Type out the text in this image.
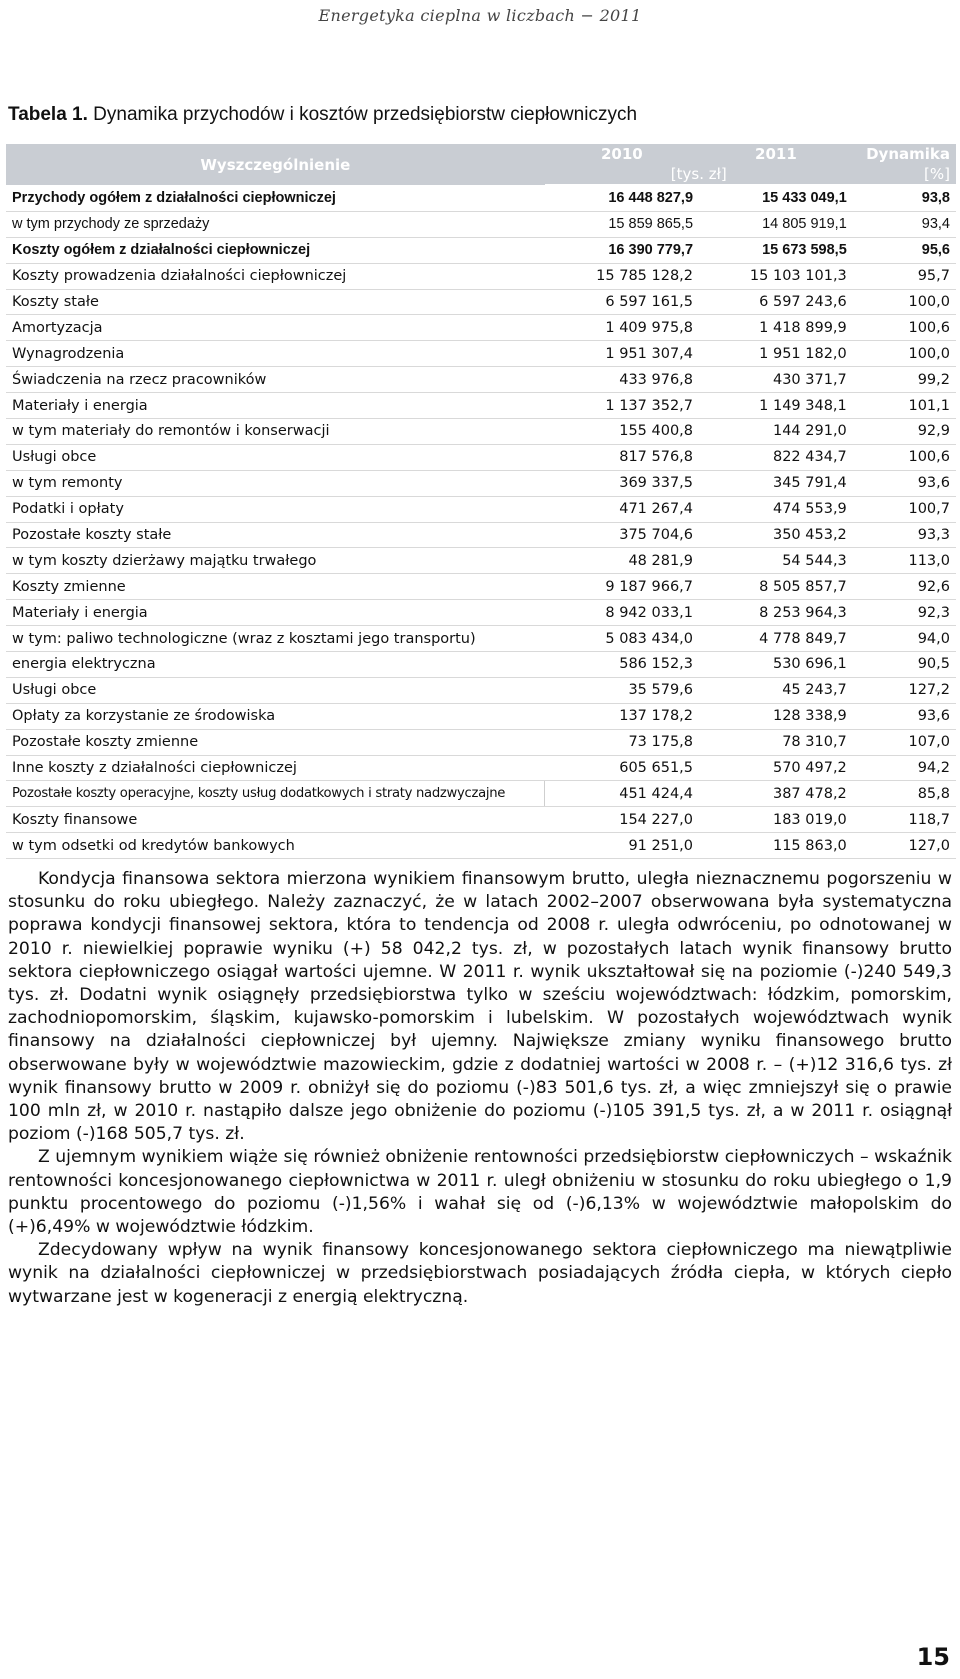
Energetyka cieplna w liczbach − 2011
Tabela 1. Dynamika przychodów i kosztów przedsiębiorstw ciepłowniczych
Wyszczególnienie	2010	2011	Dynamika
	[tys. zł]		[%]
Przychody ogółem z działalności ciepłowniczej	16 448 827,9	15 433 049,1	93,8
w tym przychody ze sprzedaży	15 859 865,5	14 805 919,1	93,4
Koszty ogółem z działalności ciepłowniczej	16 390 779,7	15 673 598,5	95,6
Koszty prowadzenia działalności ciepłowniczej	15 785 128,2	15 103 101,3	95,7
Koszty stałe	6 597 161,5	6 597 243,6	100,0
Amortyzacja	1 409 975,8	1 418 899,9	100,6
Wynagrodzenia	1 951 307,4	1 951 182,0	100,0
Świadczenia na rzecz pracowników	433 976,8	430 371,7	99,2
Materiały i energia	1 137 352,7	1 149 348,1	101,1
w tym materiały do remontów i konserwacji	155 400,8	144 291,0	92,9
Usługi obce	817 576,8	822 434,7	100,6
w tym remonty	369 337,5	345 791,4	93,6
Podatki i opłaty	471 267,4	474 553,9	100,7
Pozostałe koszty stałe	375 704,6	350 453,2	93,3
w tym koszty dzierżawy majątku trwałego	48 281,9	54 544,3	113,0
Koszty zmienne	9 187 966,7	8 505 857,7	92,6
Materiały i energia	8 942 033,1	8 253 964,3	92,3
w tym: paliwo technologiczne (wraz z kosztami jego transportu)	5 083 434,0	4 778 849,7	94,0
energia elektryczna	586 152,3	530 696,1	90,5
Usługi obce	35 579,6	45 243,7	127,2
Opłaty za korzystanie ze środowiska	137 178,2	128 338,9	93,6
Pozostałe koszty zmienne	73 175,8	78 310,7	107,0
Inne koszty z działalności ciepłowniczej	605 651,5	570 497,2	94,2
Pozostałe koszty operacyjne, koszty usług dodatkowych i straty nadzwyczajne	451 424,4	387 478,2	85,8
Koszty finansowe	154 227,0	183 019,0	118,7
w tym odsetki od kredytów bankowych	91 251,0	115 863,0	127,0

Kondycja finansowa sektora mierzona wynikiem finansowym brutto, uległa nieznacznemu pogorszeniu w stosunku do roku ubiegłego. Należy zaznaczyć, że w latach 2002–2007 obserwowana była systematyczna poprawa kondycji finansowej sektora, która to tendencja od 2008 r. uległa odwróceniu, po odnotowanej w 2010 r. niewielkiej poprawie wyniku (+) 58 042,2 tys. zł, w pozostałych latach wynik finansowy brutto sektora ciepłowniczego osiągał wartości ujemne. W 2011 r. wynik ukształtował się na poziomie (-)240 549,3 tys. zł. Dodatni wynik osiągnęły przedsiębiorstwa tylko w sześciu województwach: łódzkim, pomorskim, zachodniopomorskim, śląskim, kujawsko-pomorskim i lubelskim. W pozostałych województwach wynik finansowy na działalności ciepłowniczej był ujemny. Największe zmiany wyniku finansowego brutto obserwowane były w województwie mazowieckim, gdzie z dodatniej wartości w 2008 r. – (+)12 316,6 tys. zł wynik finansowy brutto w 2009 r. obniżył się do poziomu (-)83 501,6 tys. zł, a więc zmniejszył się o prawie 100 mln zł, w 2010 r. nastąpiło dalsze jego obniżenie do poziomu (-)105 391,5 tys. zł, a w 2011 r. osiągnął poziom (-)168 505,7 tys. zł.

Z ujemnym wynikiem wiąże się również obniżenie rentowności przedsiębiorstw ciepłowniczych – wskaźnik rentowności koncesjonowanego ciepłownictwa w 2011 r. uległ obniżeniu w stosunku do roku ubiegłego o 1,9 punktu procentowego do poziomu (-)1,56% i wahał się od (-)6,13% w województwie małopolskim do (+)6,49% w województwie łódzkim.

Zdecydowany wpływ na wynik finansowy koncesjonowanego sektora ciepłowniczego ma niewątpliwie wynik na działalności ciepłowniczej w przedsiębiorstwach posiadających źródła ciepła, w których ciepło wytwarzane jest w kogeneracji z energią elektryczną.

15
